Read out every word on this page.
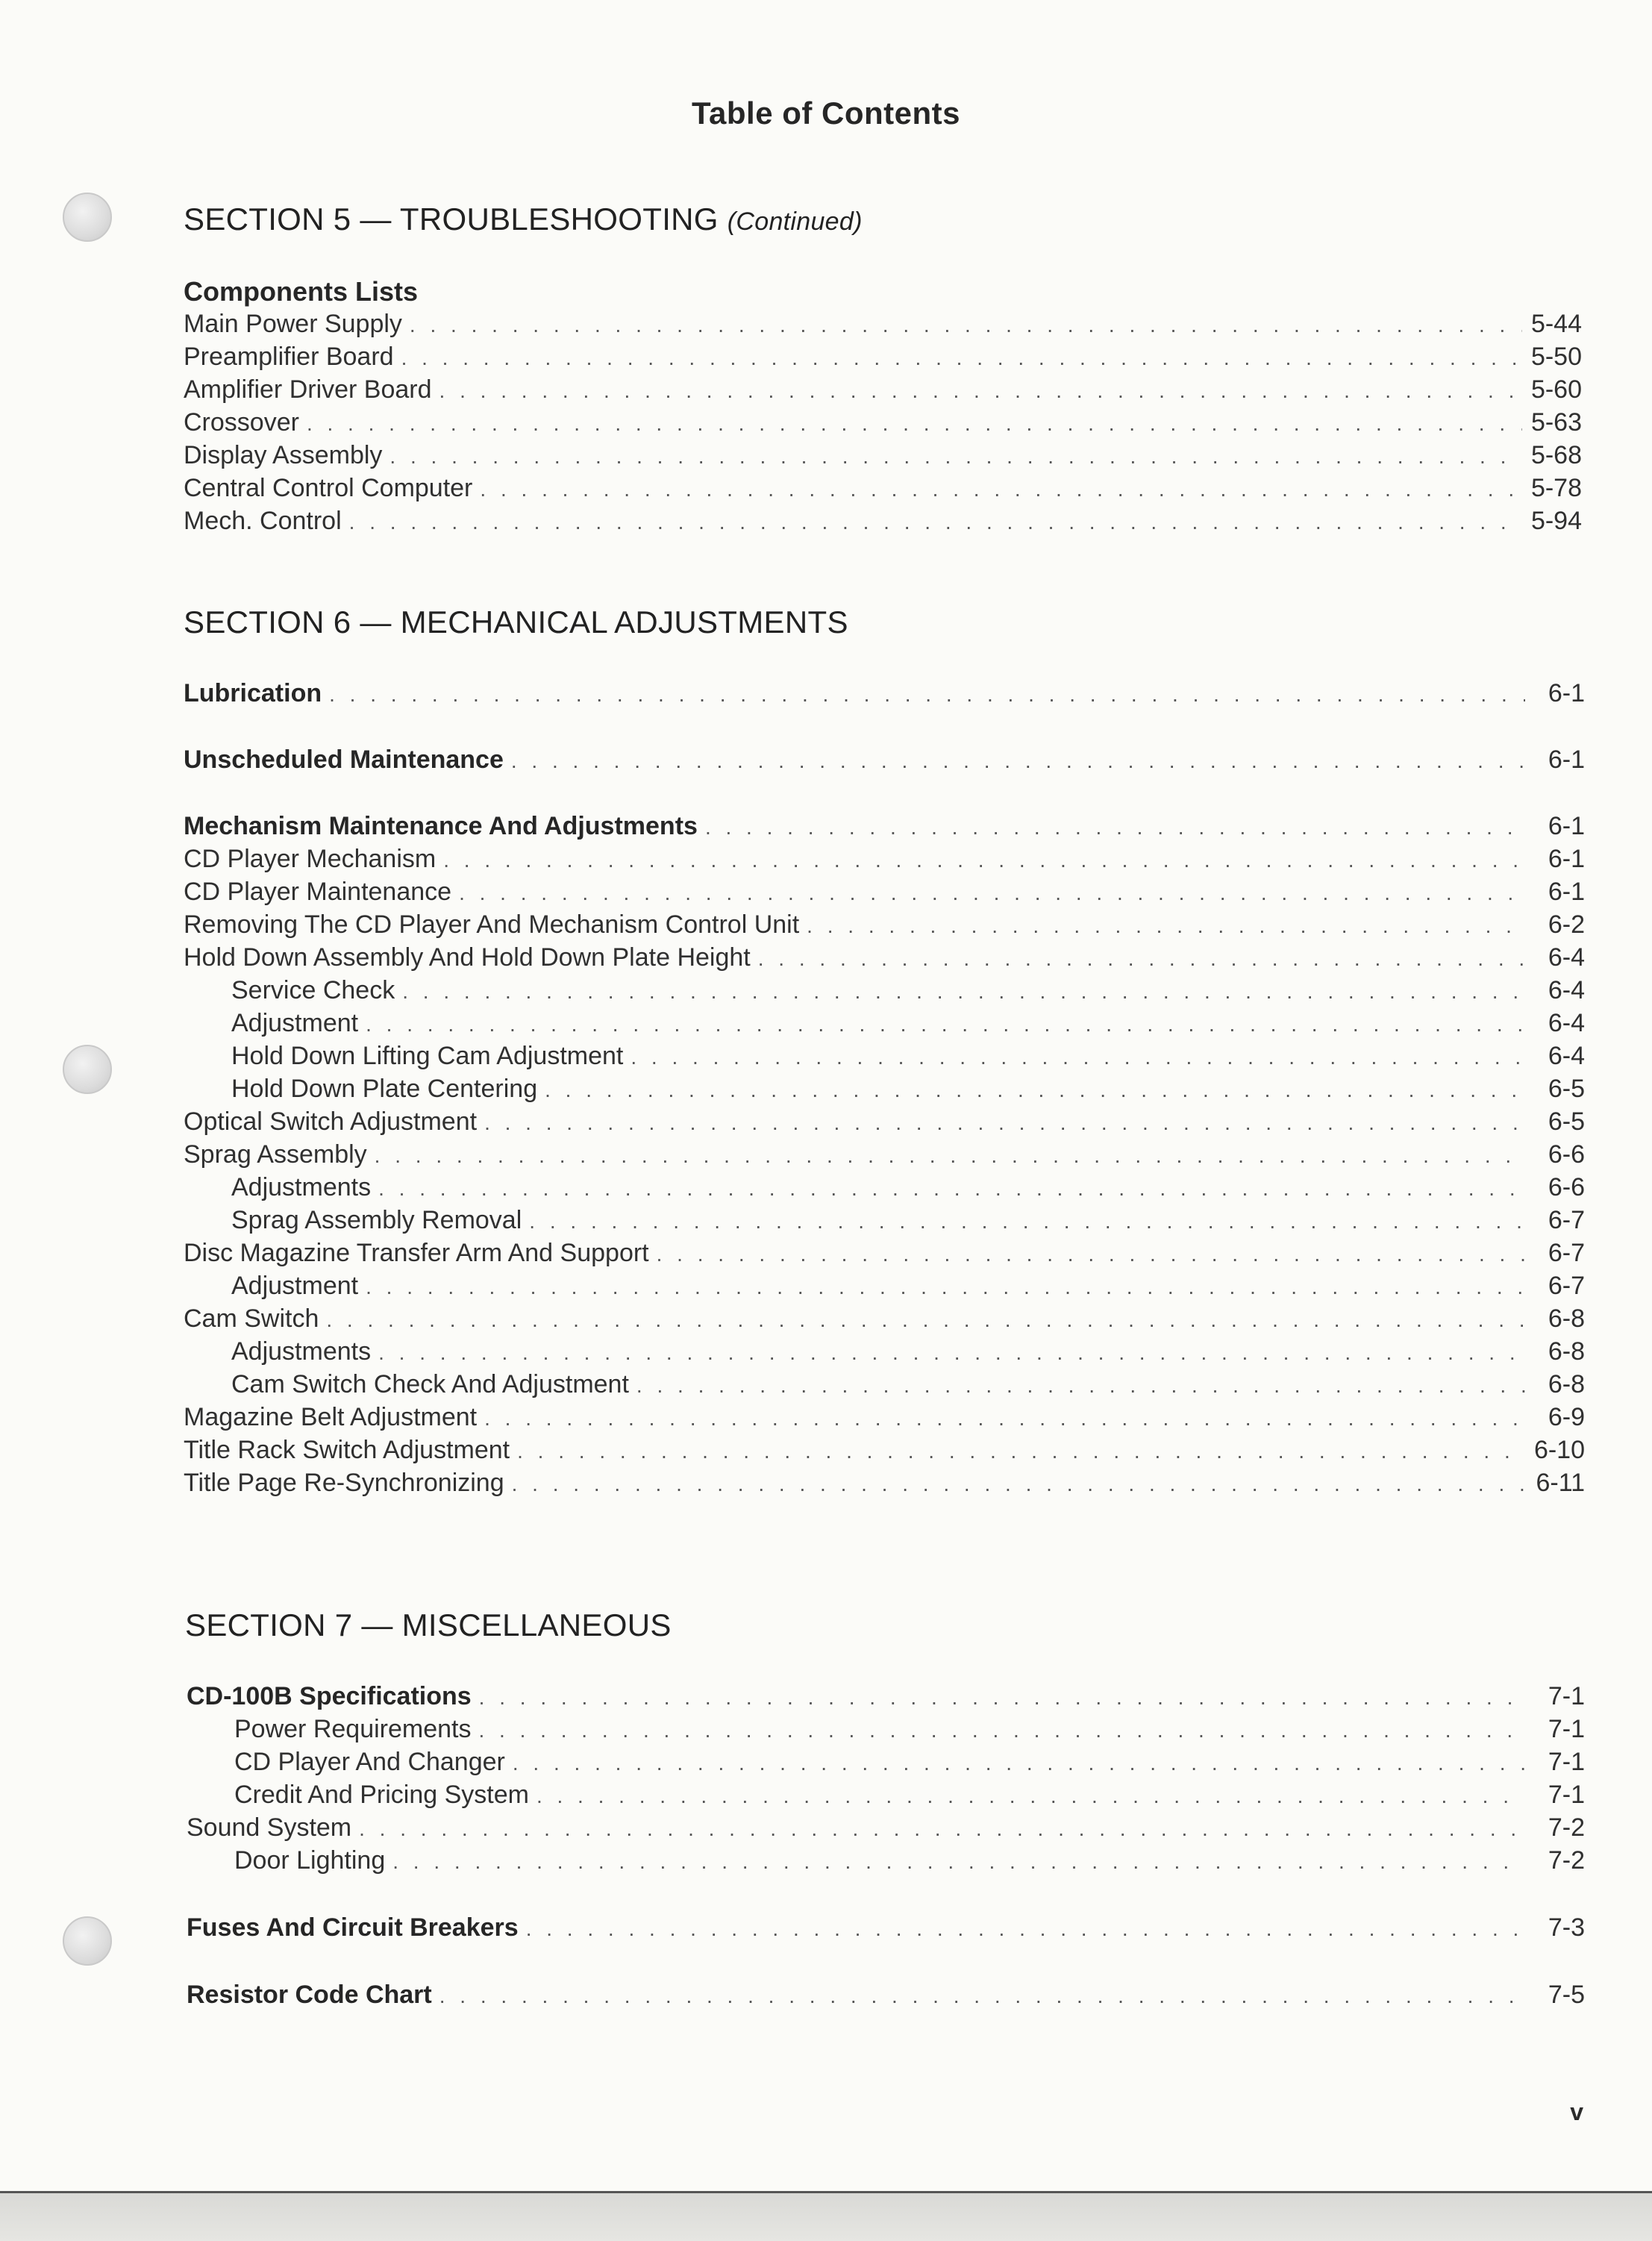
Table of Contents
SECTION 5 — TROUBLESHOOTING (Continued)
Components Lists
Main Power Supply . . .	5-44
Preamplifier Board . . .	5-50
Amplifier Driver Board . . .	5-60
Crossover . . .	5-63
Display Assembly . . .	5-68
Central Control Computer . . .	5-78
Mech. Control . . .	5-94
SECTION 6 — MECHANICAL ADJUSTMENTS
Lubrication . . .	6-1
Unscheduled Maintenance . . .	6-1
Mechanism Maintenance And Adjustments . . .	6-1
CD Player Mechanism . . .	6-1
CD Player Maintenance . . .	6-1
Removing The CD Player And Mechanism Control Unit . . .	6-2
Hold Down Assembly And Hold Down Plate Height . . .	6-4
Service Check . . .	6-4
Adjustment . . .	6-4
Hold Down Lifting Cam Adjustment . . .	6-4
Hold Down Plate Centering . . .	6-5
Optical Switch Adjustment . . .	6-5
Sprag Assembly . . .	6-6
Adjustments . . .	6-6
Sprag Assembly Removal . . .	6-7
Disc Magazine Transfer Arm And Support . . .	6-7
Adjustment . . .	6-7
Cam Switch . . .	6-8
Adjustments . . .	6-8
Cam Switch Check And Adjustment . . .	6-8
Magazine Belt Adjustment . . .	6-9
Title Rack Switch Adjustment . . .	6-10
Title Page Re-Synchronizing . . .	6-11
SECTION 7 — MISCELLANEOUS
CD-100B Specifications . . .	7-1
Power Requirements . . .	7-1
CD Player And Changer . . .	7-1
Credit And Pricing System . . .	7-1
Sound System . . .	7-2
Door Lighting . . .	7-2
Fuses And Circuit Breakers . . .	7-3
Resistor Code Chart . . .	7-5
v
